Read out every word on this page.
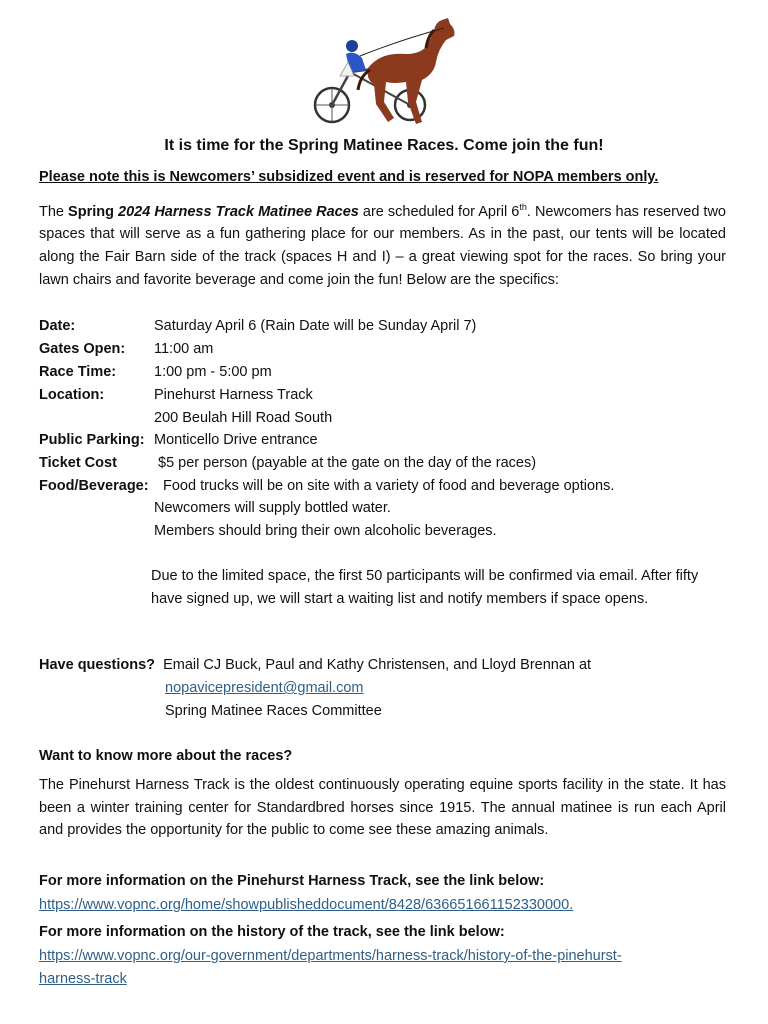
It is time for the Spring Matinee Races. Come join the fun!
Please note this is Newcomers’ subsidized event and is reserved for NOPA members only.

The Spring 2024 Harness Track Matinee Races are scheduled for April 6th. Newcomers has reserved two spaces that will serve as a fun gathering place for our members. As in the past, our tents will be located along the Fair Barn side of the track (spaces H and I) – a great viewing spot for the races. So bring your lawn chairs and favorite beverage and come join the fun! Below are the specifics:

Date:	Saturday April 6 (Rain Date will be Sunday April 7)
Gates Open: 11:00 am
Race Time:	1:00 pm - 5:00 pm
Location:	Pinehurst Harness Track
200 Beulah Hill Road South
Public Parking: Monticello Drive entrance
Ticket Cost	$5 per person (payable at the gate on the day of the races)
Food/Beverage: Food trucks will be on site with a variety of food and beverage options.
Newcomers will supply bottled water.
Members should bring their own alcoholic beverages.

Due to the limited space, the first 50 participants will be confirmed via email. After fifty have signed up, we will start a waiting list and notify members if space opens.

Have questions? Email CJ Buck, Paul and Kathy Christensen, and Lloyd Brennan at
nopavicepresident@gmail.com
Spring Matinee Races Committee
Want to know more about the races?

The Pinehurst Harness Track is the oldest continuously operating equine sports facility in the state. It has been a winter training center for Standardbred horses since 1915. The annual matinee is run each April and provides the opportunity for the public to come see these amazing animals.

For more information on the Pinehurst Harness Track, see the link below:
https://www.vopnc.org/home/showpublisheddocument/8428/636651661152330000.
For more information on the history of the track, see the link below:
https://www.vopnc.org/our-government/departments/harness-track/history-of-the-pinehurst-
harness-track
